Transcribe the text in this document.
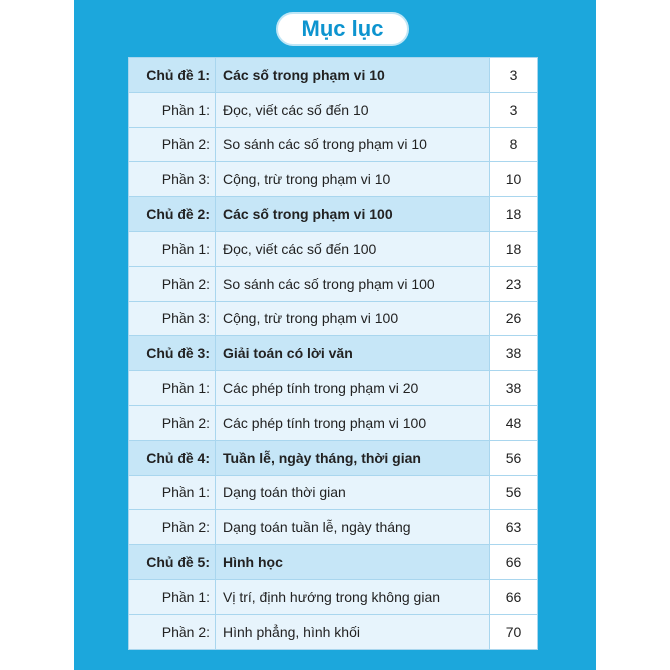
Mục lục
Chủ đề 1:	Các số trong phạm vi 10	3
Phần 1:	Đọc, viết các số đến 10	3
Phần 2:	So sánh các số trong phạm vi 10	8
Phần 3:	Cộng, trừ trong phạm vi 10	10
Chủ đề 2:	Các số trong phạm vi 100	18
Phần 1:	Đọc, viết các số đến 100	18
Phần 2:	So sánh các số trong phạm vi 100	23
Phần 3:	Cộng, trừ trong phạm vi 100	26
Chủ đề 3:	Giải toán có lời văn	38
Phần 1:	Các phép tính trong phạm vi 20	38
Phần 2:	Các phép tính trong phạm vi 100	48
Chủ đề 4:	Tuần lễ, ngày tháng, thời gian	56
Phần 1:	Dạng toán thời gian	56
Phần 2:	Dạng toán tuần lễ, ngày tháng	63
Chủ đề 5:	Hình học	66
Phần 1:	Vị trí, định hướng trong không gian	66
Phần 2:	Hình phẳng, hình khối	70
